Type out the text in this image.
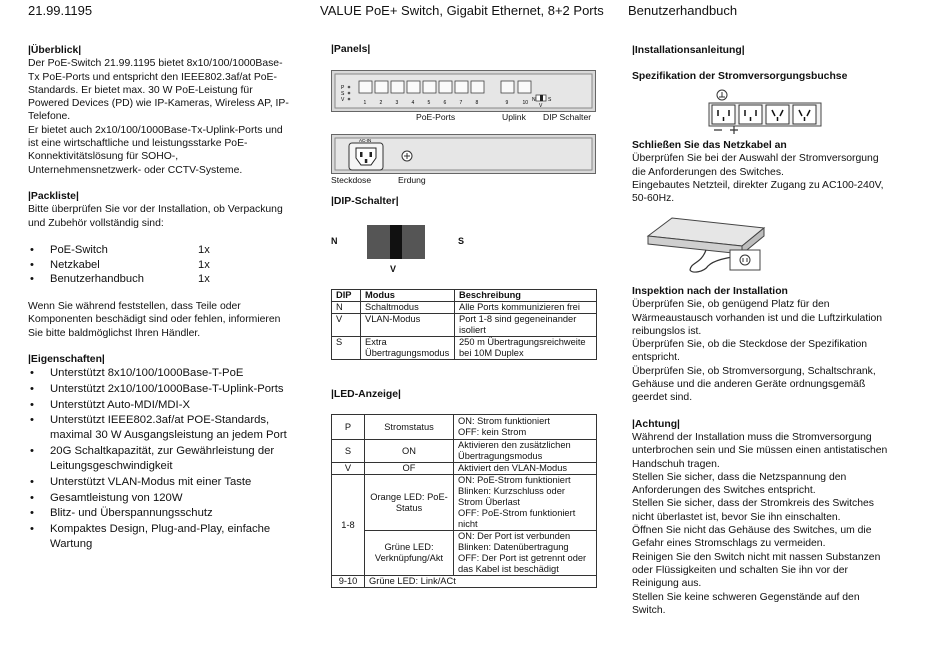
21.99.1195	VALUE PoE+ Switch, Gigabit Ethernet, 8+2 Ports Benutzerhandbuch

|Überblick|

Der PoE-Switch 21.99.1195 bietet 8x10/100/1000Base-Tx PoE-Ports und entspricht den IEEE802.3af/at PoE-Standards. Er bietet max. 30 W PoE-Leistung für Powered Devices (PD) wie IP-Kameras, Wireless AP, IP-Telefone.

Er bietet auch 2x10/100/1000Base-Tx-Uplink-Ports und ist eine wirtschaftliche und leistungsstarke PoE-Konnektivitätslösung für SOHO-, Unternehmensnetzwerk- oder CCTV-Systeme.

|Packliste|

Bitte überprüfen Sie vor der Installation, ob Verpackung und Zubehör vollständig sind:

• PoE-Switch	1x
• Netzkabel	1x
• Benutzerhandbuch	1x

Wenn Sie während feststellen, dass Teile oder Komponenten beschädigt sind oder fehlen, informieren Sie bitte baldmöglichst Ihren Händler.

|Eigenschaften|

• Unterstützt 8x10/100/1000Base-T-PoE
• Unterstützt 2x10/100/1000Base-T-Uplink-Ports
• Unterstützt Auto-MDI/MDI-X
• Unterstützt IEEE802.3af/at POE-Standards, maximal 30 W Ausgangsleistung an jedem Port
• 20G Schaltkapazität, zur Gewährleistung der Leitungsgeschwindigkeit
• Unterstützt VLAN-Modus mit einer Taste
• Gesamtleistung von 120W
• Blitz- und Überspannungsschutz
• Kompaktes Design, Plug-and-Play, einfache Wartung

|Panels|

P
S
V	1	2	3	4	5	6	7	8	9	10 N S
V
PoE-Ports	Uplink DIP Schalter
AC-IN
Steckdose	Erdung

|DIP-Schalter|

N	S
V
DIP	Modus	Beschreibung
N	Schaltmodus	Alle Ports kommunizieren frei
V	VLAN-Modus	Port 1-8 sind gegeneinander isoliert
S	Extra Übertragungsmodus	250 m Übertragungsreichweite bei 10M Duplex

|LED-Anzeige|

P	Stromstatus	ON: Strom funktioniert
OFF: kein Strom

S	ON	Aktivieren den zusätzlichen Übertragungsmodus
V	OF	Aktiviert den VLAN-Modus
1-8	Orange LED: PoE-Status	ON: PoE-Strom funktioniert
Blinken: Kurzschluss oder Strom Überlast
OFF: PoE-Strom funktioniert nicht

	Grüne LED: Verknüpfung/Akt	ON: Der Port ist verbunden
Blinken: Datenübertragung
OFF: Der Port ist getrennt oder das Kabel ist beschädigt

9-10	Grüne LED: Link/ACt	

|Installationsanleitung|

Spezifikation der Stromversorgungsbuchse

Schließen Sie das Netzkabel an

Überprüfen Sie bei der Auswahl der Stromversorgung die Anforderungen des Switches.

Eingebautes Netzteil, direkter Zugang zu AC100-240V, 50-60Hz.

Inspektion nach der Installation

Überprüfen Sie, ob genügend Platz für den Wärmeaustausch vorhanden ist und die Luftzirkulation reibungslos ist.

Überprüfen Sie, ob die Steckdose der Spezifikation entspricht.

Überprüfen Sie, ob Stromversorgung, Schaltschrank, Gehäuse und die anderen Geräte ordnungsgemäß geerdet sind.

|Achtung|

Während der Installation muss die Stromversorgung unterbrochen sein und Sie müssen einen antistatischen Handschuh tragen.

Stellen Sie sicher, dass die Netzspannung den Anforderungen des Switches entspricht.

Stellen Sie sicher, dass der Stromkreis des Switches nicht überlastet ist, bevor Sie ihn einschalten.

Öffnen Sie nicht das Gehäuse des Switches, um die Gefahr eines Stromschlags zu vermeiden.

Reinigen Sie den Switch nicht mit nassen Substanzen oder Flüssigkeiten und schalten Sie ihn vor der Reinigung aus.

Stellen Sie keine schweren Gegenstände auf den Switch.
